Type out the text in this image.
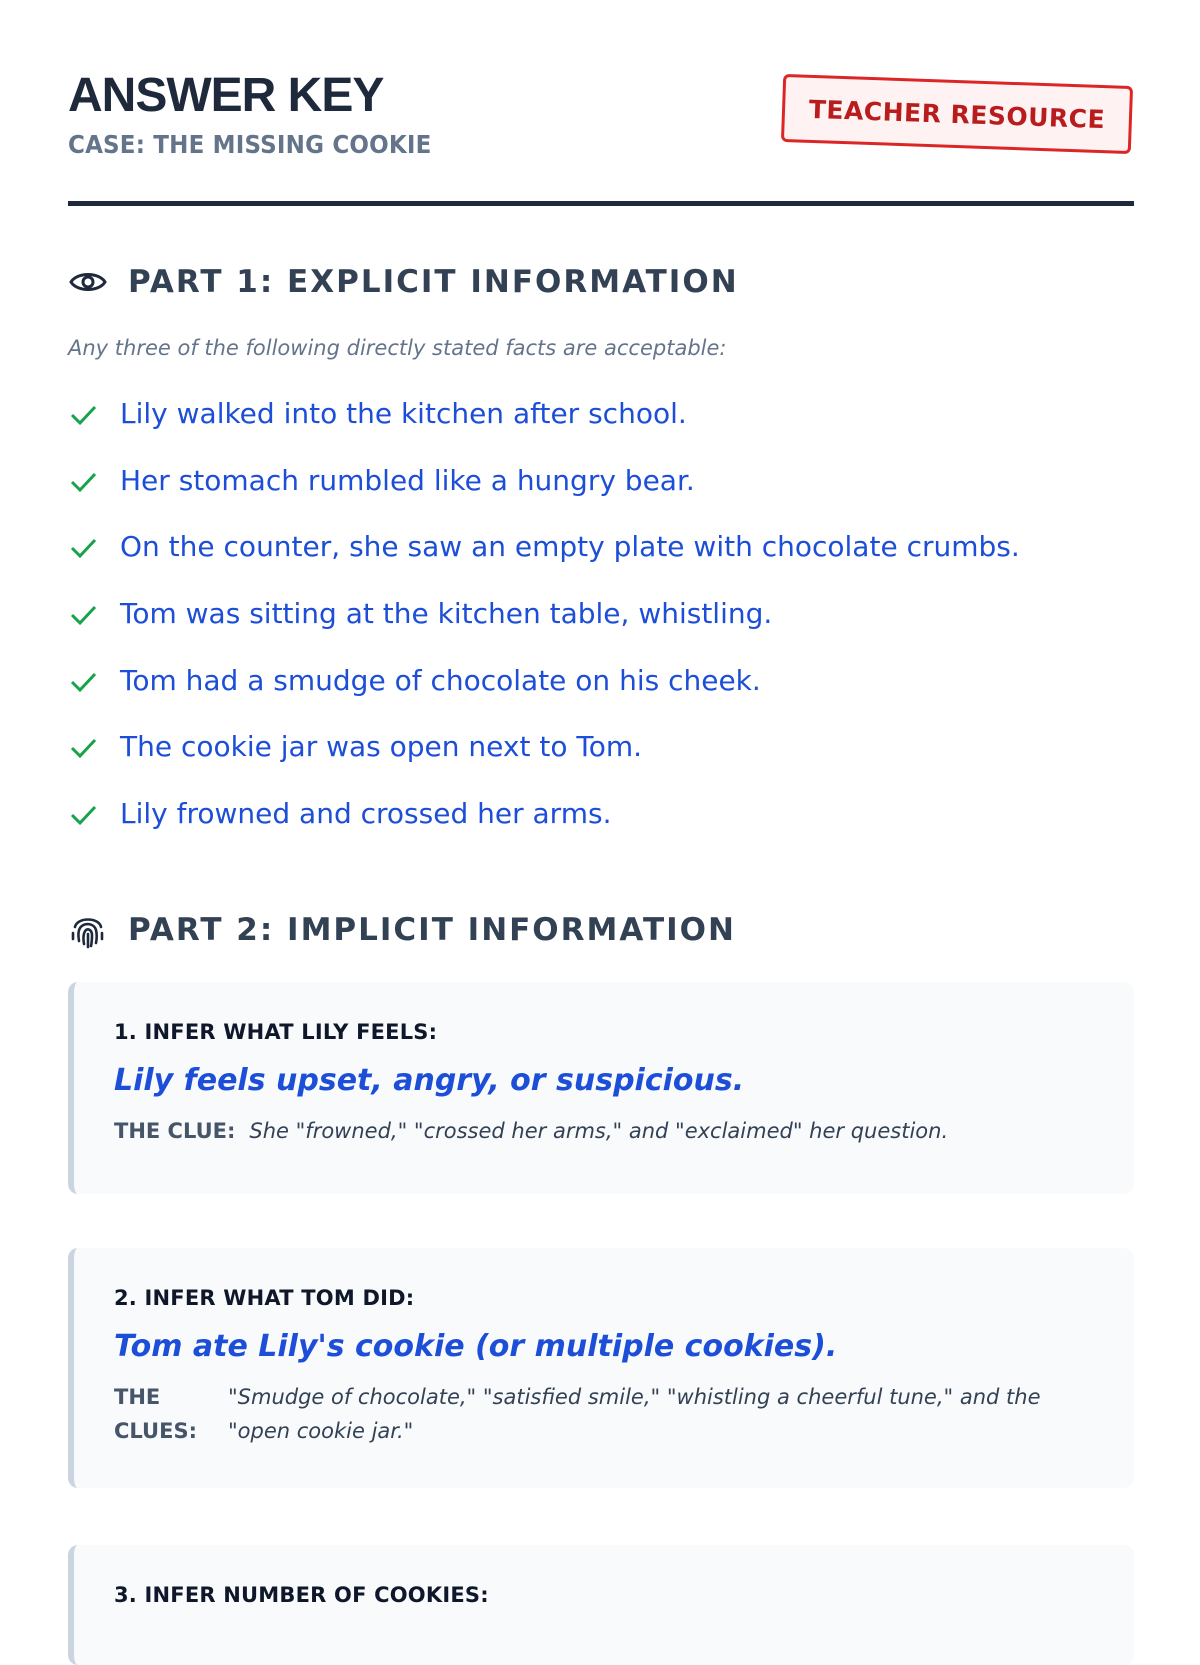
ANSWER KEY
CASE: THE MISSING COOKIE
TEACHER RESOURCE
PART 1: EXPLICIT INFORMATION
Any three of the following directly stated facts are acceptable:
Lily walked into the kitchen after school.
Her stomach rumbled like a hungry bear.
On the counter, she saw an empty plate with chocolate crumbs.
Tom was sitting at the kitchen table, whistling.
Tom had a smudge of chocolate on his cheek.
The cookie jar was open next to Tom.
Lily frowned and crossed her arms.
PART 2: IMPLICIT INFORMATION
1. INFER WHAT LILY FEELS:
Lily feels upset, angry, or suspicious.
THE CLUE: She "frowned," "crossed her arms," and "exclaimed" her question.
2. INFER WHAT TOM DID:
Tom ate Lily's cookie (or multiple cookies).
THE CLUES:
"Smudge of chocolate," "satisfied smile," "whistling a cheerful tune," and the "open cookie jar."
3. INFER NUMBER OF COOKIES:
